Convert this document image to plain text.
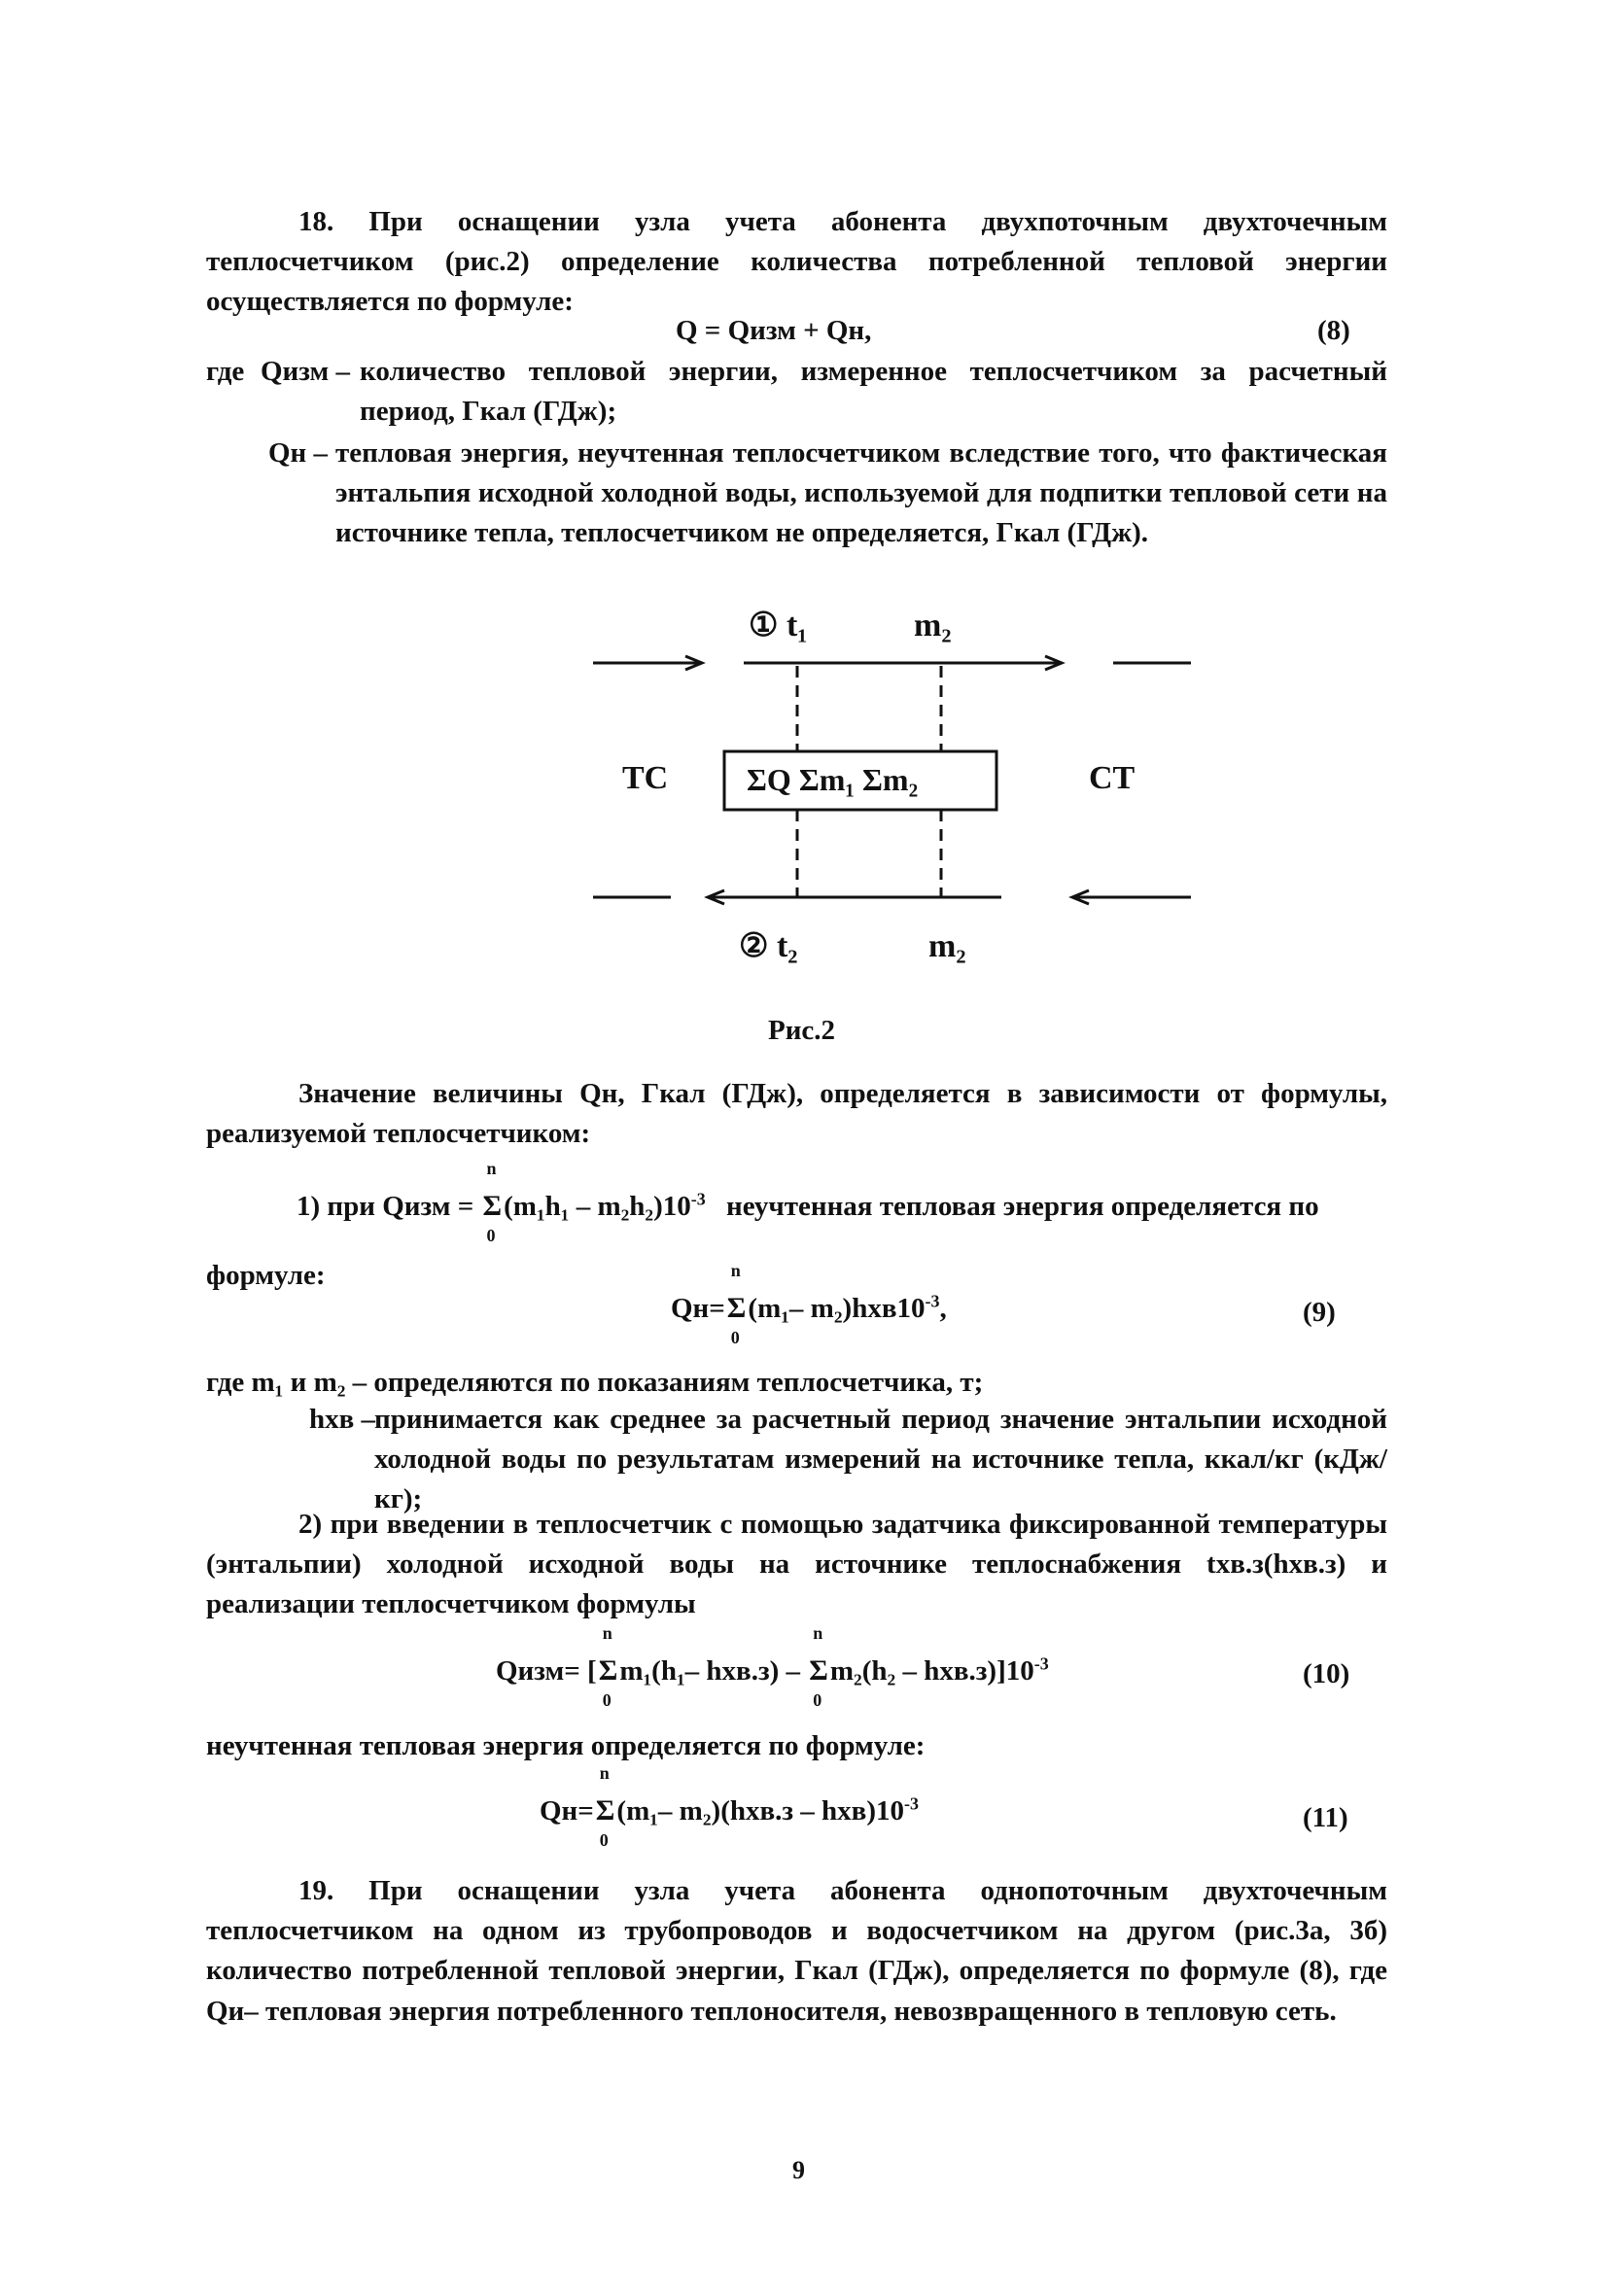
18. При оснащении узла учета абонента двухпоточным двухточечным теплосчетчиком (рис.2) определение количества потребленной тепловой энергии осуществляется по формуле:

Q = Qизм + Qн,	(8)
где Qизм – количество тепловой энергии, измеренное теплосчетчиком за расчетный период, Гкал (ГДж);
Qн – тепловая энергия, неучтенная теплосчетчиком вследствие того, что фактическая энтальпия исходной холодной воды, используемой для подпитки тепловой сети на источнике тепла, теплосчетчиком не определяется, Гкал (ГДж).
① t₁	m₂
ТС	СТ
ΣQ Σm₁ Σm₂
② t₂	m₂
Рис.2

Значение величины Qн, Гкал (ГДж), определяется в зависимости от формулы, реализуемой теплосчетчиком:

1) при Qизм =
n
Σ
0
$(m_1h_1 - m_2h_2)10^{-3}$ неучтенная тепловая энергия определяется по
формуле:
Qн=
n
Σ
0
(m₁– $m_2)hхв10^{-3}$,	(9)
где m₁ и m₂ – определяются по показаниям теплосчетчика, т;
hхв –
принимается как среднее за расчетный период значение энтальпии исходной холодной воды по результатам измерений на источнике тепла, ккал/кг (кДж/кг);

2) при введении в теплосчетчик с помощью задатчика фиксированной температуры (энтальпии) холодной исходной воды на источнике теплоснабжения tхв.з(hхв.з) и реализации теплосчетчиком формулы

Qизм= [
n
Σ
0
m₁(h₁– hхв.з) –
n
Σ
0
$m_2(h_2 - hхв.з)]10^{-3}$	(10)
неучтенная тепловая энергия определяется по формуле:
Qн=
n
Σ
0
(m₁– $m_2)(hхв.з - hхв)10^{-3}$	(11)

19. При оснащении узла учета абонента однопоточным двухточечным теплосчетчиком на одном из трубопроводов и водосчетчиком на другом (рис.3а, 3б) количество потребленной тепловой энергии, Гкал (ГДж), определяется по формуле (8), где Qи– тепловая энергия потребленного теплоносителя, невозвращенного в тепловую сеть.

9
